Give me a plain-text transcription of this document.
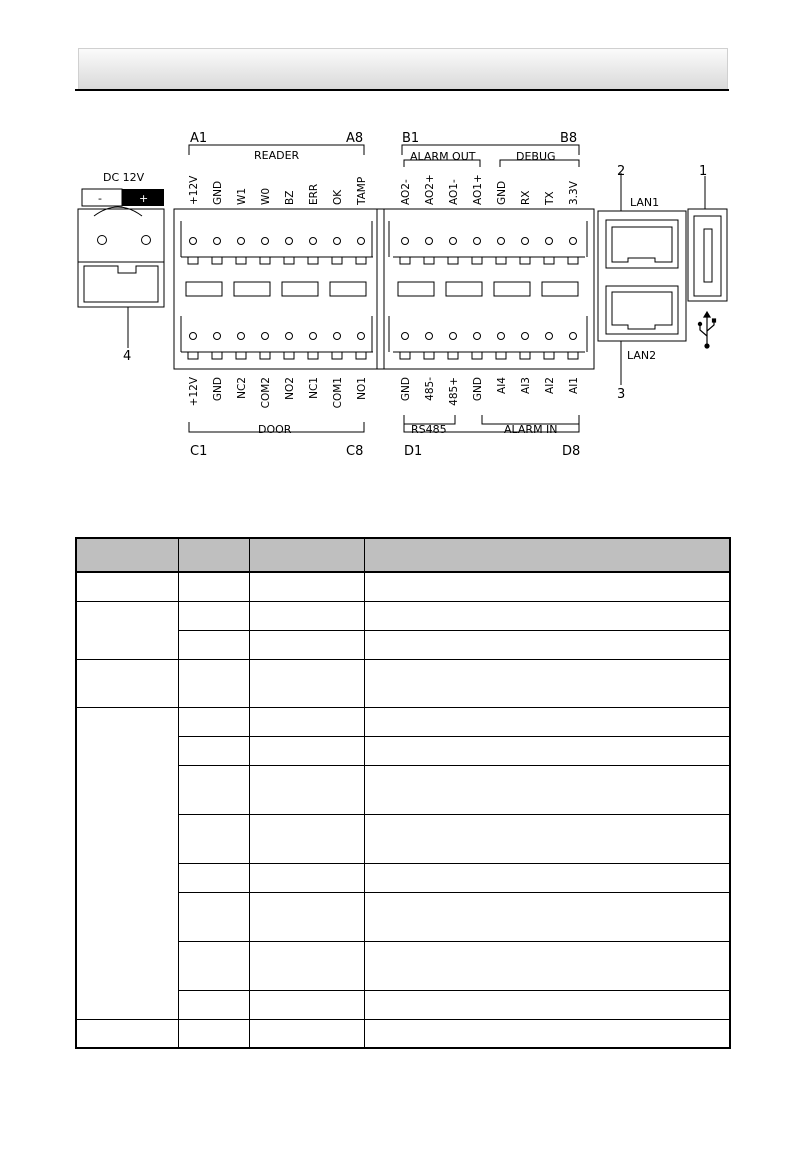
A1	A8
READER
B1	B8
ALARM OUT	DEBUG
DOOR
C1	C8
RS485	ALARM IN
D1	D8
DC 12V
-	+	LAN1
LAN2
1
2
3
4
+12V GND W1 W0 BZ ERR OK TAMP	AO2- AO2+ AO1- AO1+ GND RX TX 3.3V
+12V GND NC2 COM2 NO2 NC1 COM1 NO1	GND 485- 485+ GND AI4 AI3 AI2 AI1
